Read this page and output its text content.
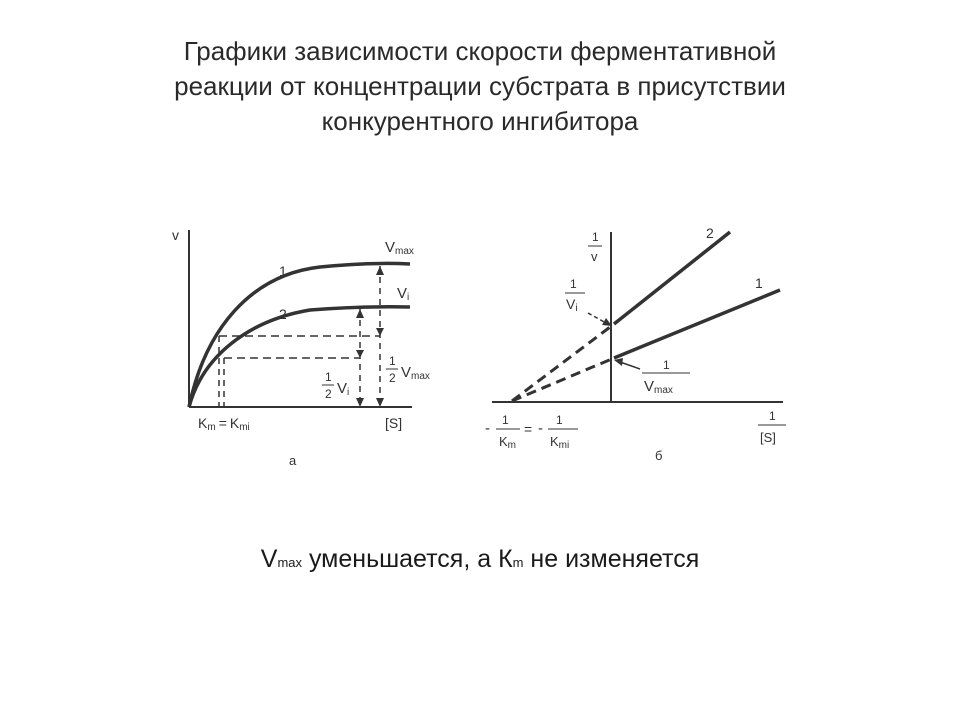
Графики зависимости скорости ферментативной
реакции от концентрации субстрата в присутствии
конкурентного ингибитора
v
[S]
1
2
Vmax
Vi
1
2 Vmax
1
2 Vi
Km = Kmi
а
1
v
2
1
1
Vi
1
Vmax
- 1
Km
= - 1
Kmi
1
[S]
б
Vmax уменьшается, а Кm не изменяется
